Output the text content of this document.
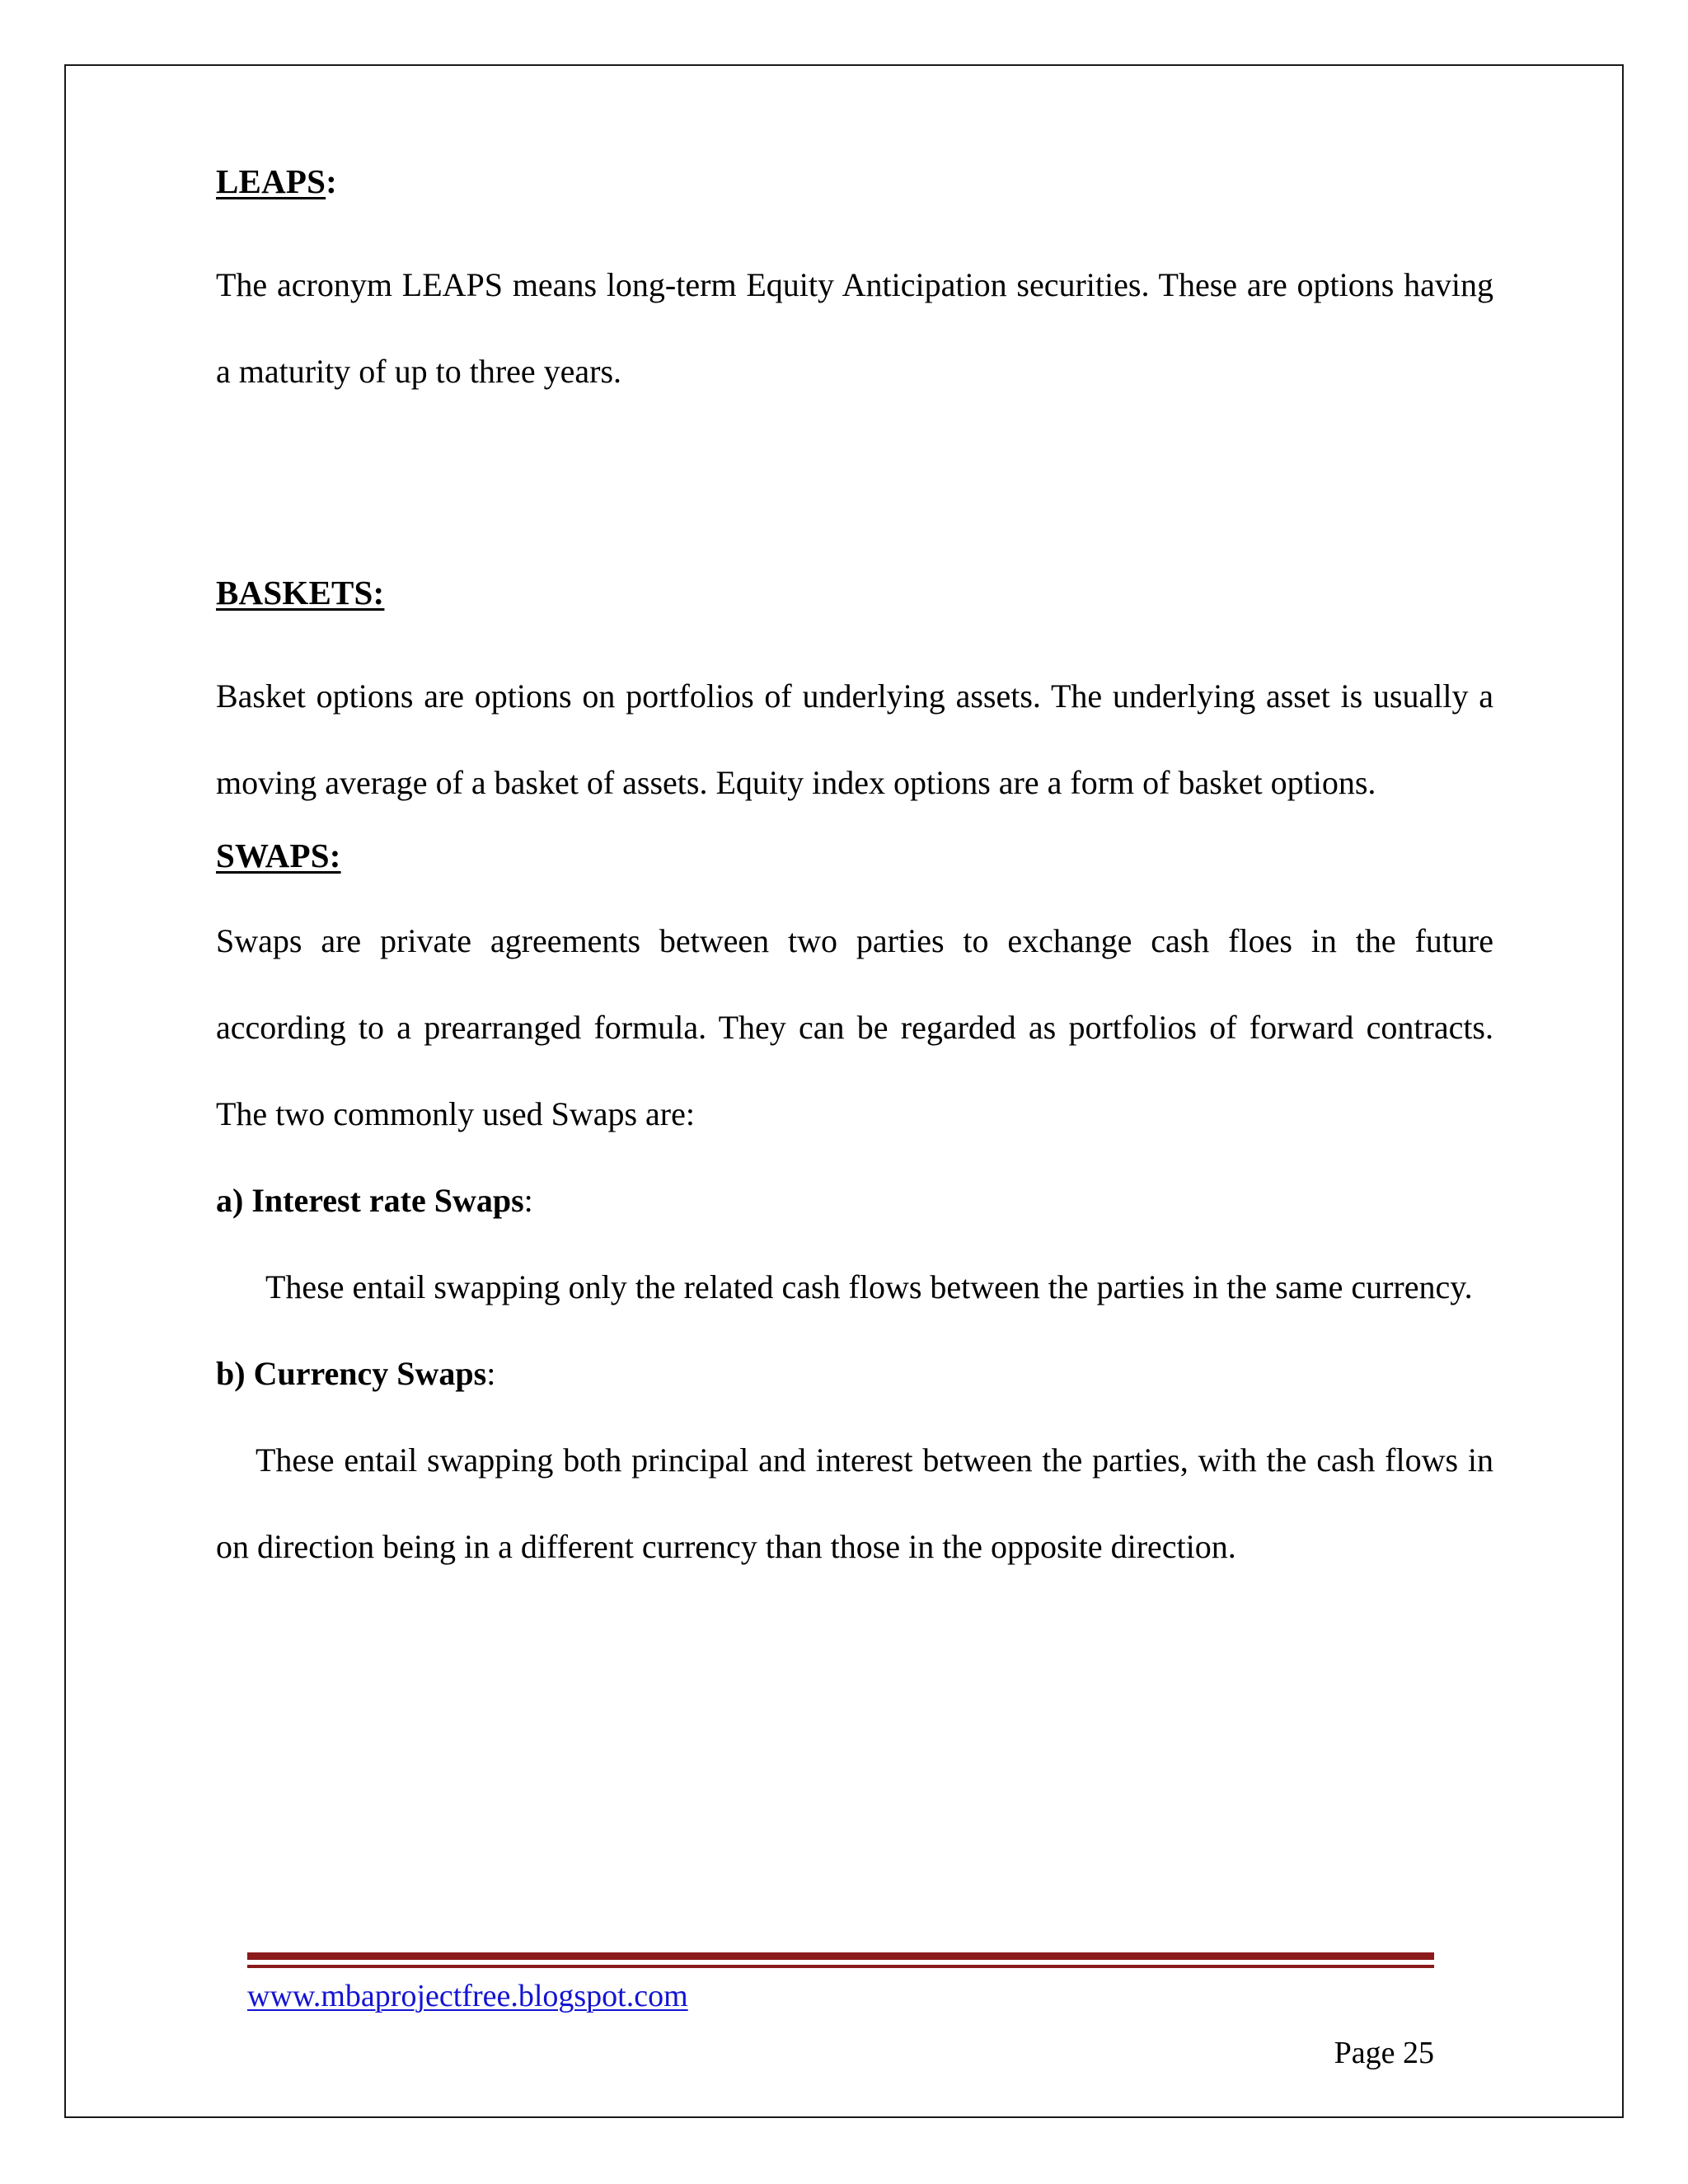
LEAPS:

The acronym LEAPS means long-term Equity Anticipation securities. These are options having a maturity of up to three years.

BASKETS:

Basket options are options on portfolios of underlying assets. The underlying asset is usually a moving average of a basket of assets. Equity index options are a form of basket options.

SWAPS:

Swaps are private agreements between two parties to exchange cash floes in the future according to a prearranged formula. They can be regarded as portfolios of forward contracts. The two commonly used Swaps are:

a) Interest rate Swaps:

These entail swapping only the related cash flows between the parties in the same currency.

b) Currency Swaps:

These entail swapping both principal and interest between the parties, with the cash flows in on direction being in a different currency than those in the opposite direction.

www.mbaprojectfree.blogspot.com
Page 25
